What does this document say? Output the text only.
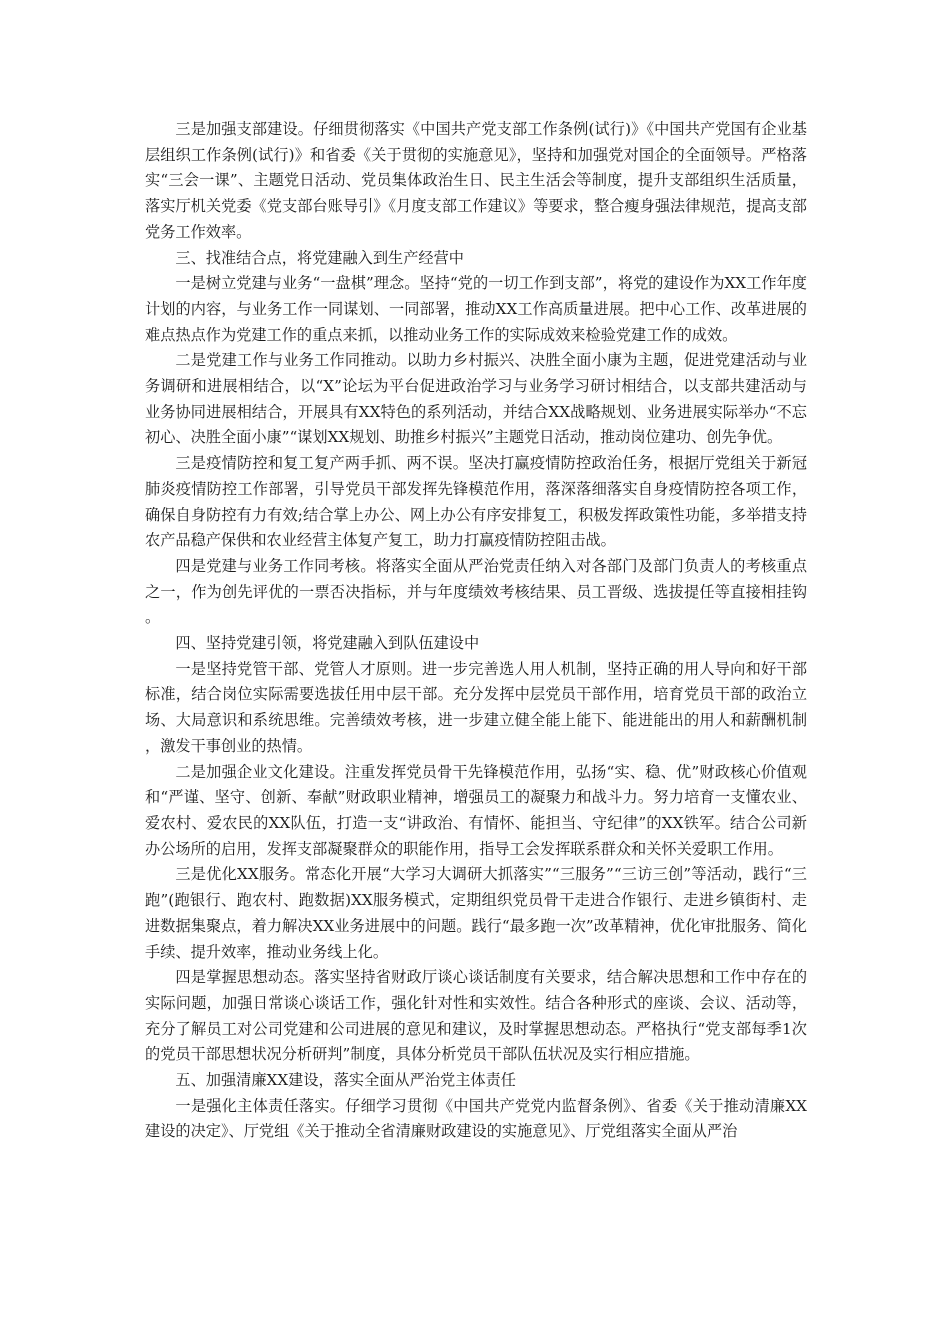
三是加强支部建设。仔细贯彻落实《中国共产党支部工作条例(试行)》《中国共产党国有企业基层组织工作条例(试行)》和省委《关于贯彻的实施意见》，坚持和加强党对国企的全面领导。严格落实“三会一课”、主题党日活动、党员集体政治生日、民主生活会等制度，提升支部组织生活质量，落实厅机关党委《党支部台账导引》《月度支部工作建议》等要求，整合瘦身强法律规范，提高支部党务工作效率。

三、找准结合点，将党建融入到生产经营中

一是树立党建与业务“一盘棋”理念。坚持“党的一切工作到支部”，将党的建设作为XX工作年度计划的内容，与业务工作一同谋划、一同部署，推动XX工作高质量进展。把中心工作、改革进展的难点热点作为党建工作的重点来抓，以推动业务工作的实际成效来检验党建工作的成效。

二是党建工作与业务工作同推动。以助力乡村振兴、决胜全面小康为主题，促进党建活动与业务调研和进展相结合，以“X”论坛为平台促进政治学习与业务学习研讨相结合，以支部共建活动与业务协同进展相结合，开展具有XX特色的系列活动，并结合XX战略规划、业务进展实际举办“不忘初心、决胜全面小康”“谋划XX规划、助推乡村振兴”主题党日活动，推动岗位建功、创先争优。

三是疫情防控和复工复产两手抓、两不误。坚决打赢疫情防控政治任务，根据厅党组关于新冠肺炎疫情防控工作部署，引导党员干部发挥先锋模范作用，落深落细落实自身疫情防控各项工作，确保自身防控有力有效;结合掌上办公、网上办公有序安排复工，积极发挥政策性功能，多举措支持农产品稳产保供和农业经营主体复产复工，助力打赢疫情防控阻击战。

四是党建与业务工作同考核。将落实全面从严治党责任纳入对各部门及部门负责人的考核重点之一，作为创先评优的一票否决指标，并与年度绩效考核结果、员工晋级、选拔提任等直接相挂钩。

四、坚持党建引领，将党建融入到队伍建设中

一是坚持党管干部、党管人才原则。进一步完善选人用人机制，坚持正确的用人导向和好干部标准，结合岗位实际需要选拔任用中层干部。充分发挥中层党员干部作用，培育党员干部的政治立场、大局意识和系统思维。完善绩效考核，进一步建立健全能上能下、能进能出的用人和薪酬机制，激发干事创业的热情。

二是加强企业文化建设。注重发挥党员骨干先锋模范作用，弘扬“实、稳、优”财政核心价值观和“严谨、坚守、创新、奉献”财政职业精神，增强员工的凝聚力和战斗力。努力培育一支懂农业、爱农村、爱农民的XX队伍，打造一支“讲政治、有情怀、能担当、守纪律”的XX铁军。结合公司新办公场所的启用，发挥支部凝聚群众的职能作用，指导工会发挥联系群众和关怀关爱职工作用。

三是优化XX服务。常态化开展“大学习大调研大抓落实”“三服务”“三访三创”等活动，践行“三跑”(跑银行、跑农村、跑数据)XX服务模式，定期组织党员骨干走进合作银行、走进乡镇街村、走进数据集聚点，着力解决XX业务进展中的问题。践行“最多跑一次”改革精神，优化审批服务、简化手续、提升效率，推动业务线上化。

四是掌握思想动态。落实坚持省财政厅谈心谈话制度有关要求，结合解决思想和工作中存在的实际问题，加强日常谈心谈话工作，强化针对性和实效性。结合各种形式的座谈、会议、活动等，充分了解员工对公司党建和公司进展的意见和建议，及时掌握思想动态。严格执行“党支部每季1次的党员干部思想状况分析研判”制度，具体分析党员干部队伍状况及实行相应措施。

五、加强清廉XX建设，落实全面从严治党主体责任

一是强化主体责任落实。仔细学习贯彻《中国共产党党内监督条例》、省委《关于推动清廉XX建设的决定》、厅党组《关于推动全省清廉财政建设的实施意见》、厅党组落实全面从严治
